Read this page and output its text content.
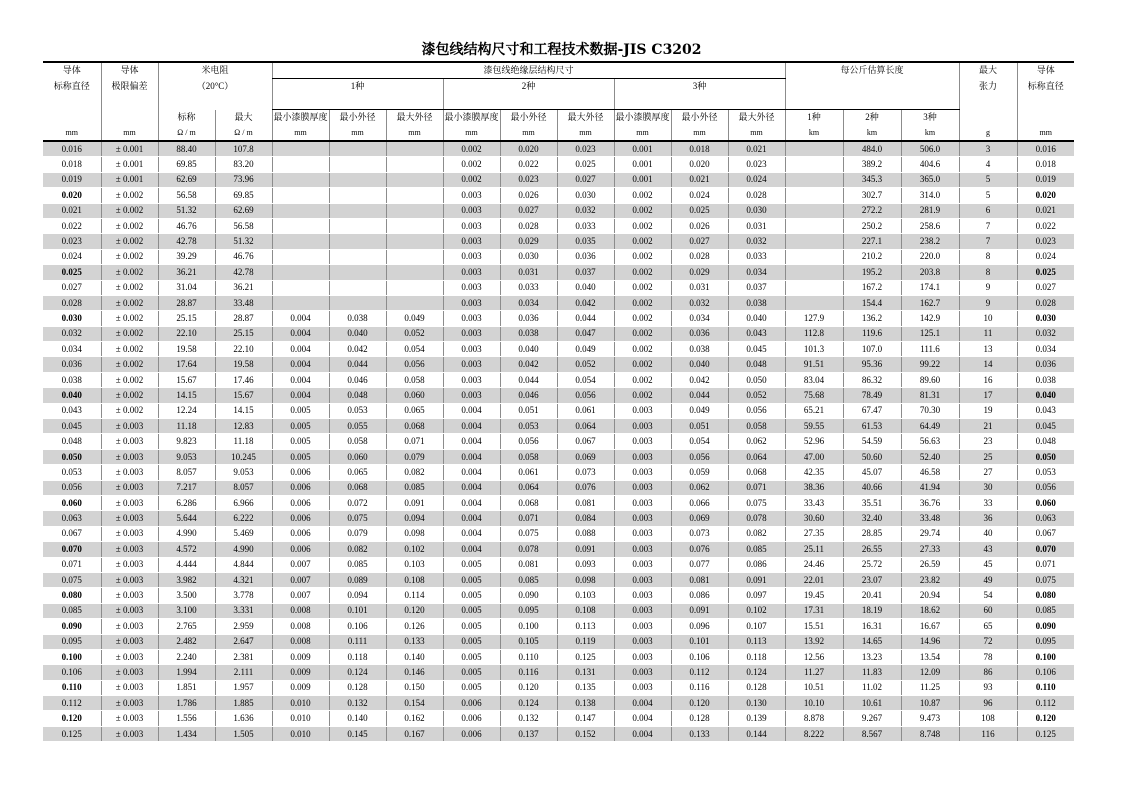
漆包线结构尺寸和工程技术数据-JIS C3202
导体	导体	米电阻		漆包线绝缘层结构尺寸									每公斤估算长度			最大	导体
标称直径	极限偏差	（20°C）		1种			2种			3种						张力	标称直径

		标称	最大	最小漆膜厚度	最小外径	最大外径	最小漆膜厚度	最小外径	最大外径	最小漆膜厚度	最小外径	最大外径	1种	2种	3种		
mm	mm	Ω / m	Ω / m	mm	mm	mm	mm	mm	mm	mm	mm	mm	km	km	km	g	mm
0.016	± 0.001	88.40	107.8				0.002	0.020	0.023	0.001	0.018	0.021		484.0	506.0	3	0.016
0.018	± 0.001	69.85	83.20				0.002	0.022	0.025	0.001	0.020	0.023		389.2	404.6	4	0.018
0.019	± 0.001	62.69	73.96				0.002	0.023	0.027	0.001	0.021	0.024		345.3	365.0	5	0.019
0.020	± 0.002	56.58	69.85				0.003	0.026	0.030	0.002	0.024	0.028		302.7	314.0	5	0.020
0.021	± 0.002	51.32	62.69				0.003	0.027	0.032	0.002	0.025	0.030		272.2	281.9	6	0.021
0.022	± 0.002	46.76	56.58				0.003	0.028	0.033	0.002	0.026	0.031		250.2	258.6	7	0.022
0.023	± 0.002	42.78	51.32				0.003	0.029	0.035	0.002	0.027	0.032		227.1	238.2	7	0.023
0.024	± 0.002	39.29	46.76				0.003	0.030	0.036	0.002	0.028	0.033		210.2	220.0	8	0.024
0.025	± 0.002	36.21	42.78				0.003	0.031	0.037	0.002	0.029	0.034		195.2	203.8	8	0.025
0.027	± 0.002	31.04	36.21				0.003	0.033	0.040	0.002	0.031	0.037		167.2	174.1	9	0.027
0.028	± 0.002	28.87	33.48				0.003	0.034	0.042	0.002	0.032	0.038		154.4	162.7	9	0.028
0.030	± 0.002	25.15	28.87	0.004	0.038	0.049	0.003	0.036	0.044	0.002	0.034	0.040	127.9	136.2	142.9	10	0.030
0.032	± 0.002	22.10	25.15	0.004	0.040	0.052	0.003	0.038	0.047	0.002	0.036	0.043	112.8	119.6	125.1	11	0.032
0.034	± 0.002	19.58	22.10	0.004	0.042	0.054	0.003	0.040	0.049	0.002	0.038	0.045	101.3	107.0	111.6	13	0.034
0.036	± 0.002	17.64	19.58	0.004	0.044	0.056	0.003	0.042	0.052	0.002	0.040	0.048	91.51	95.36	99.22	14	0.036
0.038	± 0.002	15.67	17.46	0.004	0.046	0.058	0.003	0.044	0.054	0.002	0.042	0.050	83.04	86.32	89.60	16	0.038
0.040	± 0.002	14.15	15.67	0.004	0.048	0.060	0.003	0.046	0.056	0.002	0.044	0.052	75.68	78.49	81.31	17	0.040
0.043	± 0.002	12.24	14.15	0.005	0.053	0.065	0.004	0.051	0.061	0.003	0.049	0.056	65.21	67.47	70.30	19	0.043
0.045	± 0.003	11.18	12.83	0.005	0.055	0.068	0.004	0.053	0.064	0.003	0.051	0.058	59.55	61.53	64.49	21	0.045
0.048	± 0.003	9.823	11.18	0.005	0.058	0.071	0.004	0.056	0.067	0.003	0.054	0.062	52.96	54.59	56.63	23	0.048
0.050	± 0.003	9.053	10.245	0.005	0.060	0.079	0.004	0.058	0.069	0.003	0.056	0.064	47.00	50.60	52.40	25	0.050
0.053	± 0.003	8.057	9.053	0.006	0.065	0.082	0.004	0.061	0.073	0.003	0.059	0.068	42.35	45.07	46.58	27	0.053
0.056	± 0.003	7.217	8.057	0.006	0.068	0.085	0.004	0.064	0.076	0.003	0.062	0.071	38.36	40.66	41.94	30	0.056
0.060	± 0.003	6.286	6.966	0.006	0.072	0.091	0.004	0.068	0.081	0.003	0.066	0.075	33.43	35.51	36.76	33	0.060
0.063	± 0.003	5.644	6.222	0.006	0.075	0.094	0.004	0.071	0.084	0.003	0.069	0.078	30.60	32.40	33.48	36	0.063
0.067	± 0.003	4.990	5.469	0.006	0.079	0.098	0.004	0.075	0.088	0.003	0.073	0.082	27.35	28.85	29.74	40	0.067
0.070	± 0.003	4.572	4.990	0.006	0.082	0.102	0.004	0.078	0.091	0.003	0.076	0.085	25.11	26.55	27.33	43	0.070
0.071	± 0.003	4.444	4.844	0.007	0.085	0.103	0.005	0.081	0.093	0.003	0.077	0.086	24.46	25.72	26.59	45	0.071
0.075	± 0.003	3.982	4.321	0.007	0.089	0.108	0.005	0.085	0.098	0.003	0.081	0.091	22.01	23.07	23.82	49	0.075
0.080	± 0.003	3.500	3.778	0.007	0.094	0.114	0.005	0.090	0.103	0.003	0.086	0.097	19.45	20.41	20.94	54	0.080
0.085	± 0.003	3.100	3.331	0.008	0.101	0.120	0.005	0.095	0.108	0.003	0.091	0.102	17.31	18.19	18.62	60	0.085
0.090	± 0.003	2.765	2.959	0.008	0.106	0.126	0.005	0.100	0.113	0.003	0.096	0.107	15.51	16.31	16.67	65	0.090
0.095	± 0.003	2.482	2.647	0.008	0.111	0.133	0.005	0.105	0.119	0.003	0.101	0.113	13.92	14.65	14.96	72	0.095
0.100	± 0.003	2.240	2.381	0.009	0.118	0.140	0.005	0.110	0.125	0.003	0.106	0.118	12.56	13.23	13.54	78	0.100
0.106	± 0.003	1.994	2.111	0.009	0.124	0.146	0.005	0.116	0.131	0.003	0.112	0.124	11.27	11.83	12.09	86	0.106
0.110	± 0.003	1.851	1.957	0.009	0.128	0.150	0.005	0.120	0.135	0.003	0.116	0.128	10.51	11.02	11.25	93	0.110
0.112	± 0.003	1.786	1.885	0.010	0.132	0.154	0.006	0.124	0.138	0.004	0.120	0.130	10.10	10.61	10.87	96	0.112
0.120	± 0.003	1.556	1.636	0.010	0.140	0.162	0.006	0.132	0.147	0.004	0.128	0.139	8.878	9.267	9.473	108	0.120
0.125	± 0.003	1.434	1.505	0.010	0.145	0.167	0.006	0.137	0.152	0.004	0.133	0.144	8.222	8.567	8.748	116	0.125
